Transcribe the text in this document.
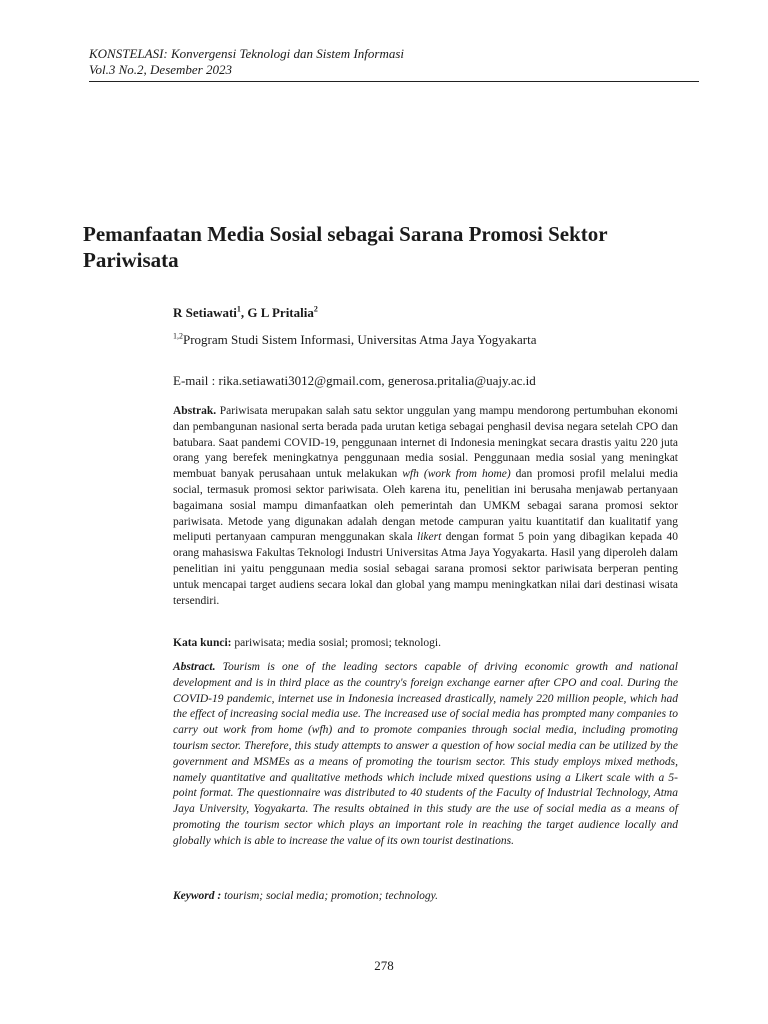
KONSTELASI: Konvergensi Teknologi dan Sistem Informasi
Vol.3 No.2, Desember 2023
Pemanfaatan Media Sosial sebagai Sarana Promosi Sektor Pariwisata
R Setiawati$^1$, G L Pritalia$^2$
$^{1,2}$Program Studi Sistem Informasi, Universitas Atma Jaya Yogyakarta
E-mail : rika.setiawati3012@gmail.com, generosa.pritalia@uajy.ac.id

Abstrak. Pariwisata merupakan salah satu sektor unggulan yang mampu mendorong pertumbuhan ekonomi dan pembangunan nasional serta berada pada urutan ketiga sebagai penghasil devisa negara setelah CPO dan batubara. Saat pandemi COVID-19, penggunaan internet di Indonesia meningkat secara drastis yaitu 220 juta orang yang berefek meningkatnya penggunaan media sosial. Penggunaan media sosial yang meningkat membuat banyak perusahaan untuk melakukan wfh (work from home) dan promosi profil melalui media social, termasuk promosi sektor pariwisata. Oleh karena itu, penelitian ini berusaha menjawab pertanyaan bagaimana sosial mampu dimanfaatkan oleh pemerintah dan UMKM sebagai sarana promosi sektor pariwisata. Metode yang digunakan adalah dengan metode campuran yaitu kuantitatif dan kualitatif yang meliputi pertanyaan campuran menggunakan skala likert dengan format 5 poin yang dibagikan kepada 40 orang mahasiswa Fakultas Teknologi Industri Universitas Atma Jaya Yogyakarta. Hasil yang diperoleh dalam penelitian ini yaitu penggunaan media sosial sebagai sarana promosi sektor pariwisata berperan penting untuk mencapai target audiens secara lokal dan global yang mampu meningkatkan nilai dari destinasi wisata tersendiri.

Kata kunci: pariwisata; media sosial; promosi; teknologi.

Abstract. Tourism is one of the leading sectors capable of driving economic growth and national development and is in third place as the country's foreign exchange earner after CPO and coal. During the COVID-19 pandemic, internet use in Indonesia increased drastically, namely 220 million people, which had the effect of increasing social media use. The increased use of social media has prompted many companies to carry out work from home (wfh) and to promote companies through social media, including promoting tourism sector. Therefore, this study attempts to answer a question of how social media can be utilized by the government and MSMEs as a means of promoting the tourism sector. This study employs mixed methods, namely quantitative and qualitative methods which include mixed questions using a Likert scale with a 5-point format. The questionnaire was distributed to 40 students of the Faculty of Industrial Technology, Atma Jaya University, Yogyakarta. The results obtained in this study are the use of social media as a means of promoting the tourism sector which plays an important role in reaching the target audience locally and globally which is able to increase the value of its own tourist destinations.

Keyword : tourism; social media; promotion; technology.
278
